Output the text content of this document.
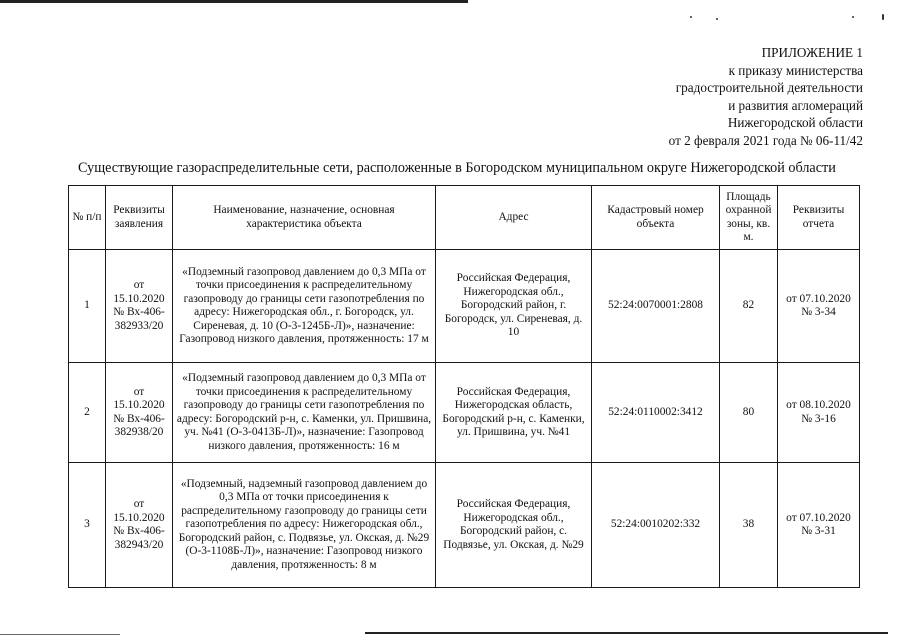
ПРИЛОЖЕНИЕ 1
к приказу министерства
градостроительной деятельности
и развития агломераций
Нижегородской области
от 2 февраля 2021 года № 06-11/42
Существующие газораспределительные сети, расположенные в Богородском муниципальном округе Нижегородской области
№ п/п	Реквизиты заявления	Наименование, назначение, основная характеристика объекта	Адрес	Кадастровый номер объекта	Площадь охранной зоны, кв. м.	Реквизиты отчета
1	от 15.10.2020 № Вх-406-382933/20	«Подземный газопровод давлением до 0,3 МПа от точки присоединения к распределительному газопроводу до границы сети газопотребления по адресу: Нижегородская обл., г. Богородск, ул. Сиреневая, д. 10 (О-3-1245Б-Л)», назначение: Газопровод низкого давления, протяженность: 17 м	Российская Федерация, Нижегородская обл., Богородский район, г. Богородск, ул. Сиреневая, д. 10	52:24:0070001:2808	82	от 07.10.2020 № 3-34
2	от 15.10.2020 № Вх-406-382938/20	«Подземный газопровод давлением до 0,3 МПа от точки присоединения к распределительному газопроводу до границы сети газопотребления по адресу: Богородский р-н, с. Каменки, ул. Пришвина, уч. №41 (О-3-0413Б-Л)», назначение: Газопровод низкого давления, протяженность: 16 м	Российская Федерация, Нижегородская область, Богородский р-н, с. Каменки, ул. Пришвина, уч. №41	52:24:0110002:3412	80	от 08.10.2020 № 3-16
3	от 15.10.2020 № Вх-406-382943/20	«Подземный, надземный газопровод давлением до 0,3 МПа от точки присоединения к распределительному газопроводу до границы сети газопотребления по адресу: Нижегородская обл., Богородский район, с. Подвязье, ул. Окская, д. №29 (О-3-1108Б-Л)», назначение: Газопровод низкого давления, протяженность: 8 м	Российская Федерация, Нижегородская обл., Богородский район, с. Подвязье, ул. Окская, д. №29	52:24:0010202:332	38	от 07.10.2020 № 3-31
